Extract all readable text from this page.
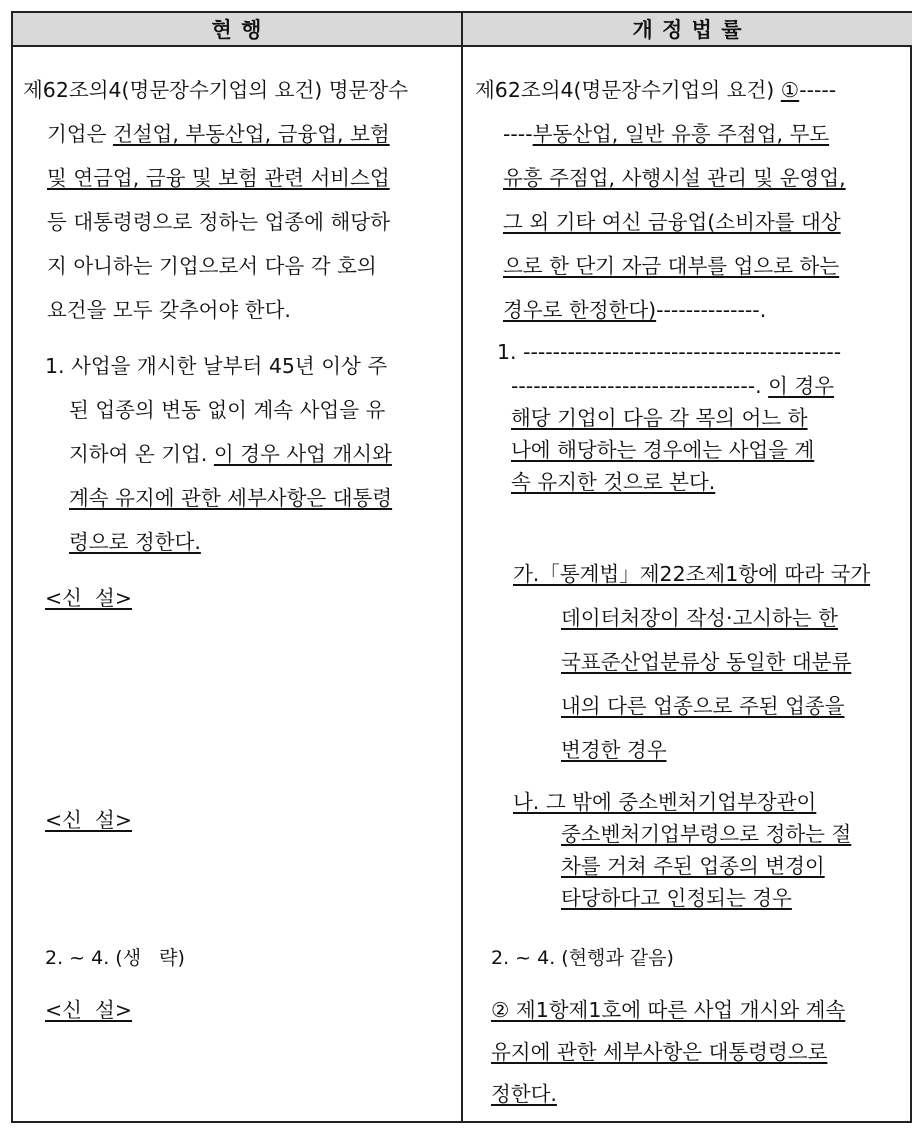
현 행	개 정 법 률
제62조의4(명문장수기업의 요건) 명문장수
기업은 건설업, 부동산업, 금융업, 보험
및 연금업, 금융 및 보험 관련 서비스업
등 대통령령으로 정하는 업종에 해당하
지 아니하는 기업으로서 다음 각 호의
요건을 모두 갖추어야 한다.
1. 사업을 개시한 날부터 45년 이상 주
된 업종의 변동 없이 계속 사업을 유
지하여 온 기업. 이 경우 사업 개시와
계속 유지에 관한 세부사항은 대통령
령으로 정한다.
<신  설>
<신  설>
2. ~ 4. (생   략)
<신  설>
제62조의4(명문장수기업의 요건) ①-----
----부동산업, 일반 유흥 주점업, 무도
유흥 주점업, 사행시설 관리 및 운영업,
그 외 기타 여신 금융업(소비자를 대상
으로 한 단기 자금 대부를 업으로 하는
경우로 한정한다)--------------.
1. -------------------------------------------
---------------------------------. 이 경우
해당 기업이 다음 각 목의 어느 하
나에 해당하는 경우에는 사업을 계
속 유지한 것으로 본다.
가.「통계법」제22조제1항에 따라 국가
데이터처장이 작성·고시하는 한
국표준산업분류상 동일한 대분류
내의 다른 업종으로 주된 업종을
변경한 경우
나. 그 밖에 중소벤처기업부장관이
중소벤처기업부령으로 정하는 절
차를 거쳐 주된 업종의 변경이
타당하다고 인정되는 경우
2. ~ 4. (현행과 같음)
② 제1항제1호에 따른 사업 개시와 계속
유지에 관한 세부사항은 대통령령으로
정한다.
